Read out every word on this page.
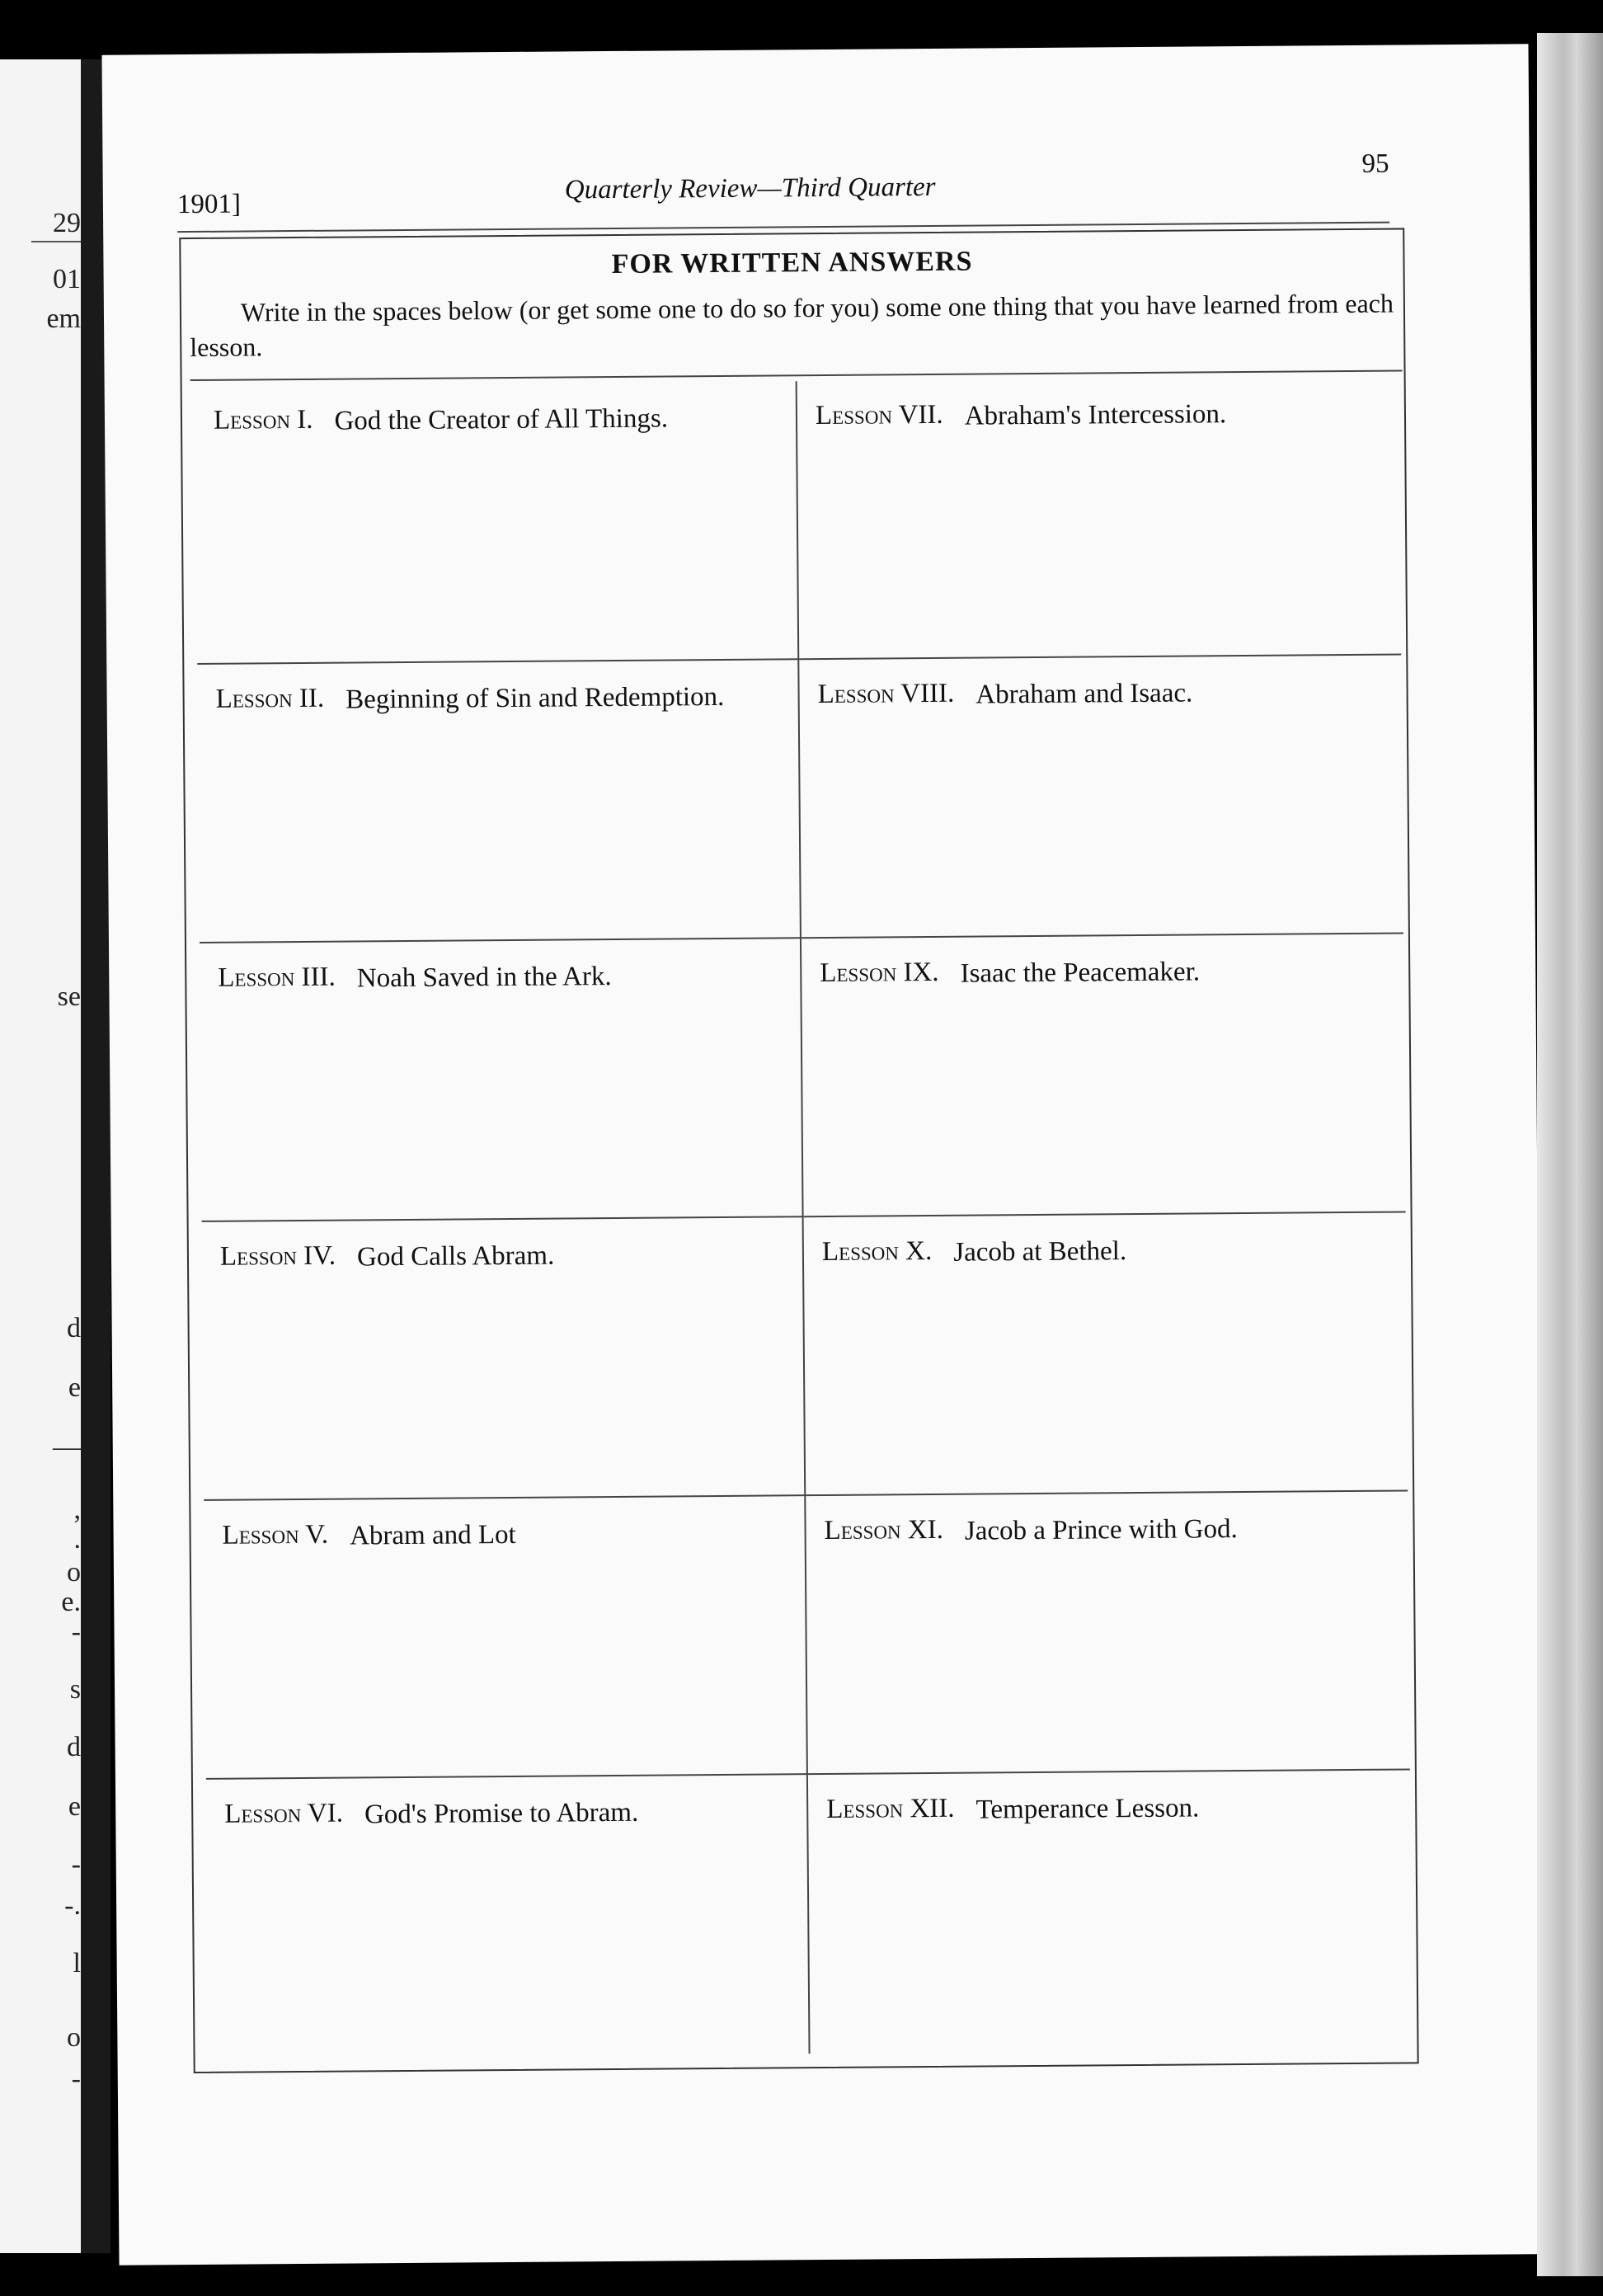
29
01
em
se
d
e
—
,
.
o
e.
-
s
d
e
-
-.
l
o
-
1901]	Quarterly Review—Third Quarter
95
FOR WRITTEN ANSWERS
Write in the spaces below (or get some one to do so for you) some one thing that you have learned from each lesson.
Lesson I. God the Creator of All Things.	Lesson VII. Abraham's Intercession.
Lesson II. Beginning of Sin and Redemption.	Lesson VIII. Abraham and Isaac.
Lesson III. Noah Saved in the Ark.	Lesson IX. Isaac the Peacemaker.
Lesson IV. God Calls Abram.	Lesson X. Jacob at Bethel.
Lesson V. Abram and Lot	Lesson XI. Jacob a Prince with God.
Lesson VI. God's Promise to Abram.	Lesson XII. Temperance Lesson.
